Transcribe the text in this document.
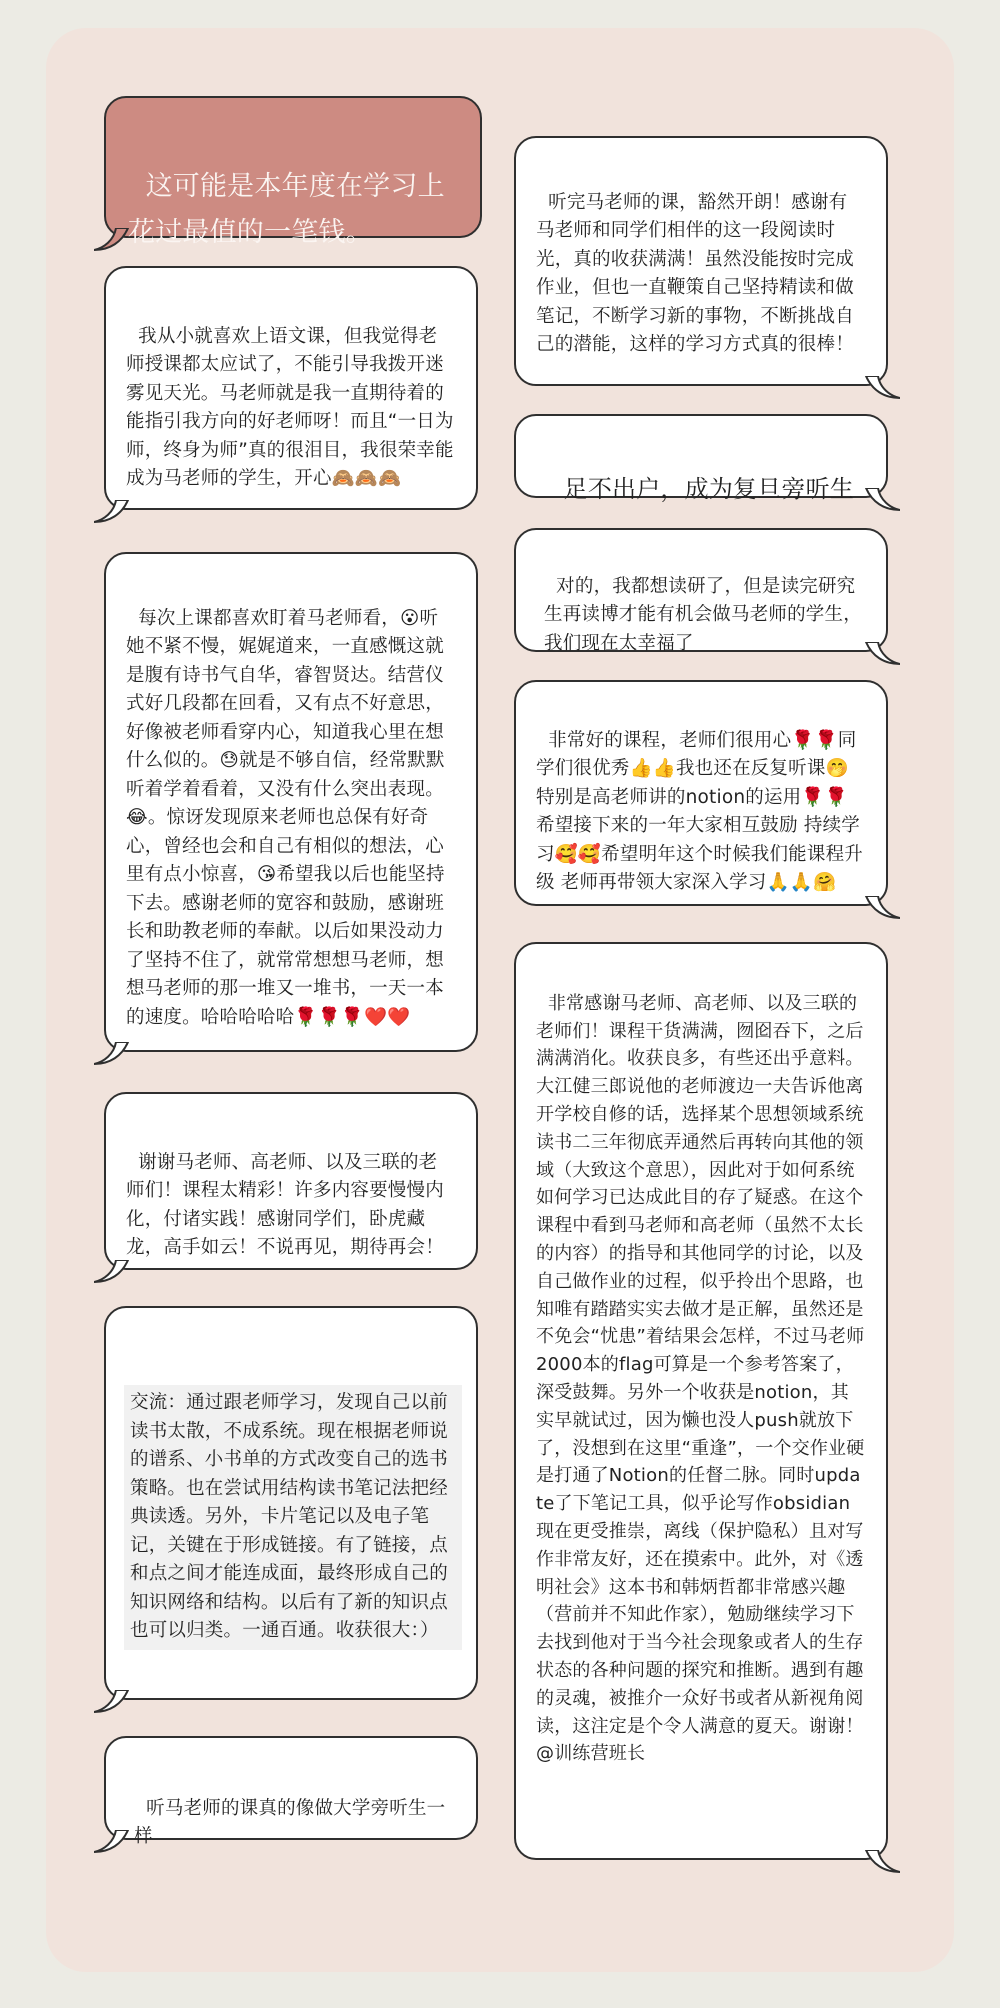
这可能是本年度在学习上花过最值的一笔钱。

我从小就喜欢上语文课，但我觉得老师授课都太应试了，不能引导我拨开迷雾见天光。马老师就是我一直期待着的能指引我方向的好老师呀！而且“一日为师，终身为师”真的很泪目，我很荣幸能成为马老师的学生，开心🙈🙈🙈

每次上课都喜欢盯着马老师看，😮听她不紧不慢，娓娓道来，一直感慨这就是腹有诗书气自华，睿智贤达。结营仪式好几段都在回看，又有点不好意思，好像被老师看穿内心，知道我心里在想什么似的。😓就是不够自信，经常默默听着学着看着，又没有什么突出表现。😂。惊讶发现原来老师也总保有好奇心，曾经也会和自己有相似的想法，心里有点小惊喜，😘希望我以后也能坚持下去。感谢老师的宽容和鼓励，感谢班长和助教老师的奉献。以后如果没动力了坚持不住了，就常常想想马老师，想想马老师的那一堆又一堆书，一天一本的速度。哈哈哈哈哈🌹🌹🌹❤️❤️

谢谢马老师、高老师、以及三联的老师们！课程太精彩！许多内容要慢慢内化，付诸实践！感谢同学们，卧虎藏龙，高手如云！不说再见，期待再会！

交流：通过跟老师学习，发现自己以前读书太散，不成系统。现在根据老师说的谱系、小书单的方式改变自己的选书策略。也在尝试用结构读书笔记法把经典读透。另外，卡片笔记以及电子笔记，关键在于形成链接。有了链接，点和点之间才能连成面，最终形成自己的知识网络和结构。以后有了新的知识点也可以归类。一通百通。收获很大：）

听马老师的课真的像做大学旁听生一样

听完马老师的课，豁然开朗！感谢有马老师和同学们相伴的这一段阅读时光，真的收获满满！虽然没能按时完成作业，但也一直鞭策自己坚持精读和做笔记，不断学习新的事物，不断挑战自己的潜能，这样的学习方式真的很棒！

足不出户，成为复旦旁听生

对的，我都想读研了，但是读完研究生再读博才能有机会做马老师的学生，我们现在太幸福了

非常好的课程，老师们很用心🌹🌹同学们很优秀👍👍我也还在反复听课🤭特别是高老师讲的notion的运用🌹🌹希望接下来的一年大家相互鼓励 持续学习🥰🥰希望明年这个时候我们能课程升级 老师再带领大家深入学习🙏🙏🤗

非常感谢马老师、高老师、以及三联的老师们！课程干货满满，囫囵吞下，之后满满消化。收获良多，有些还出乎意料。大江健三郎说他的老师渡边一夫告诉他离开学校自修的话，选择某个思想领域系统读书二三年彻底弄通然后再转向其他的领域（大致这个意思），因此对于如何系统如何学习已达成此目的存了疑惑。在这个课程中看到马老师和高老师（虽然不太长的内容）的指导和其他同学的讨论，以及自己做作业的过程，似乎拎出个思路，也知唯有踏踏实实去做才是正解，虽然还是不免会“忧患”着结果会怎样，不过马老师2000本的flag可算是一个参考答案了，深受鼓舞。另外一个收获是notion，其实早就试过，因为懒也没人push就放下了，没想到在这里“重逢”，一个交作业硬是打通了Notion的任督二脉。同时update了下笔记工具，似乎论写作obsidian现在更受推崇，离线（保护隐私）且对写作非常友好，还在摸索中。此外，对《透明社会》这本书和韩炳哲都非常感兴趣（营前并不知此作家），勉励继续学习下去找到他对于当今社会现象或者人的生存状态的各种问题的探究和推断。遇到有趣的灵魂，被推介一众好书或者从新视角阅读，这注定是个令人满意的夏天。谢谢！@训练营班长
